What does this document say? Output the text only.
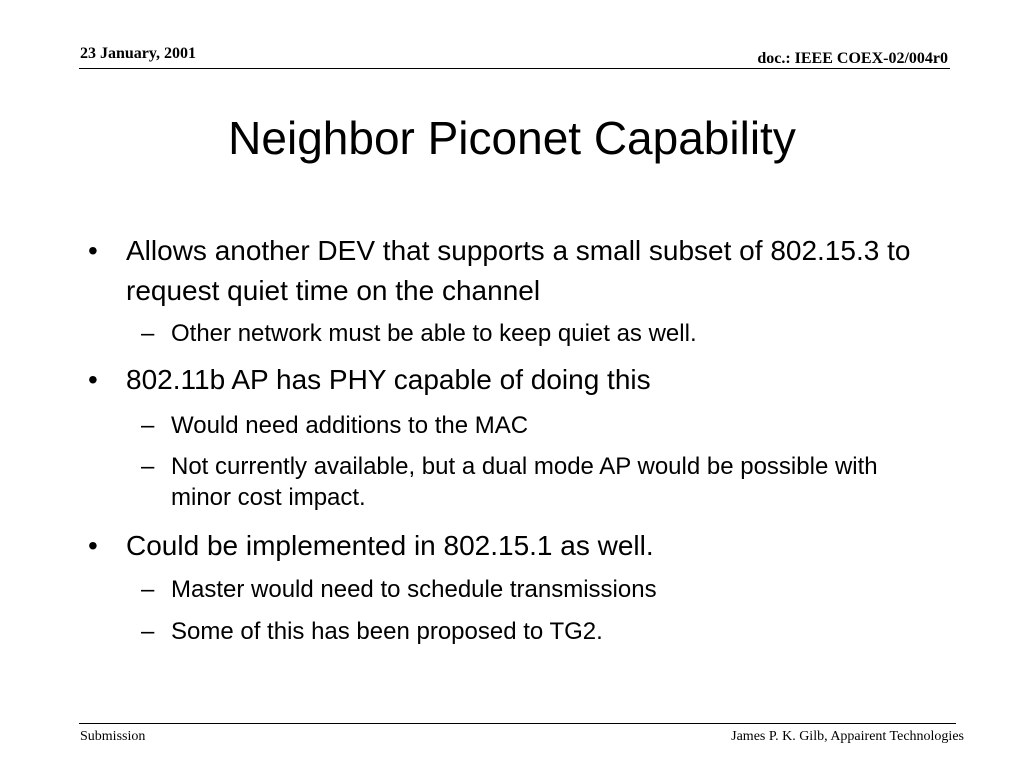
23 January, 2001	doc.: IEEE COEX-02/004r0
Neighbor Piconet Capability
• Allows another DEV that supports a small subset of 802.15.3 to request quiet time on the channel
– Other network must be able to keep quiet as well.
• 802.11b AP has PHY capable of doing this
– Would need additions to the MAC
– Not currently available, but a dual mode AP would be possible with minor cost impact.
• Could be implemented in 802.15.1 as well.
– Master would need to schedule transmissions
– Some of this has been proposed to TG2.
Submission	James P. K. Gilb, Appairent Technologies
